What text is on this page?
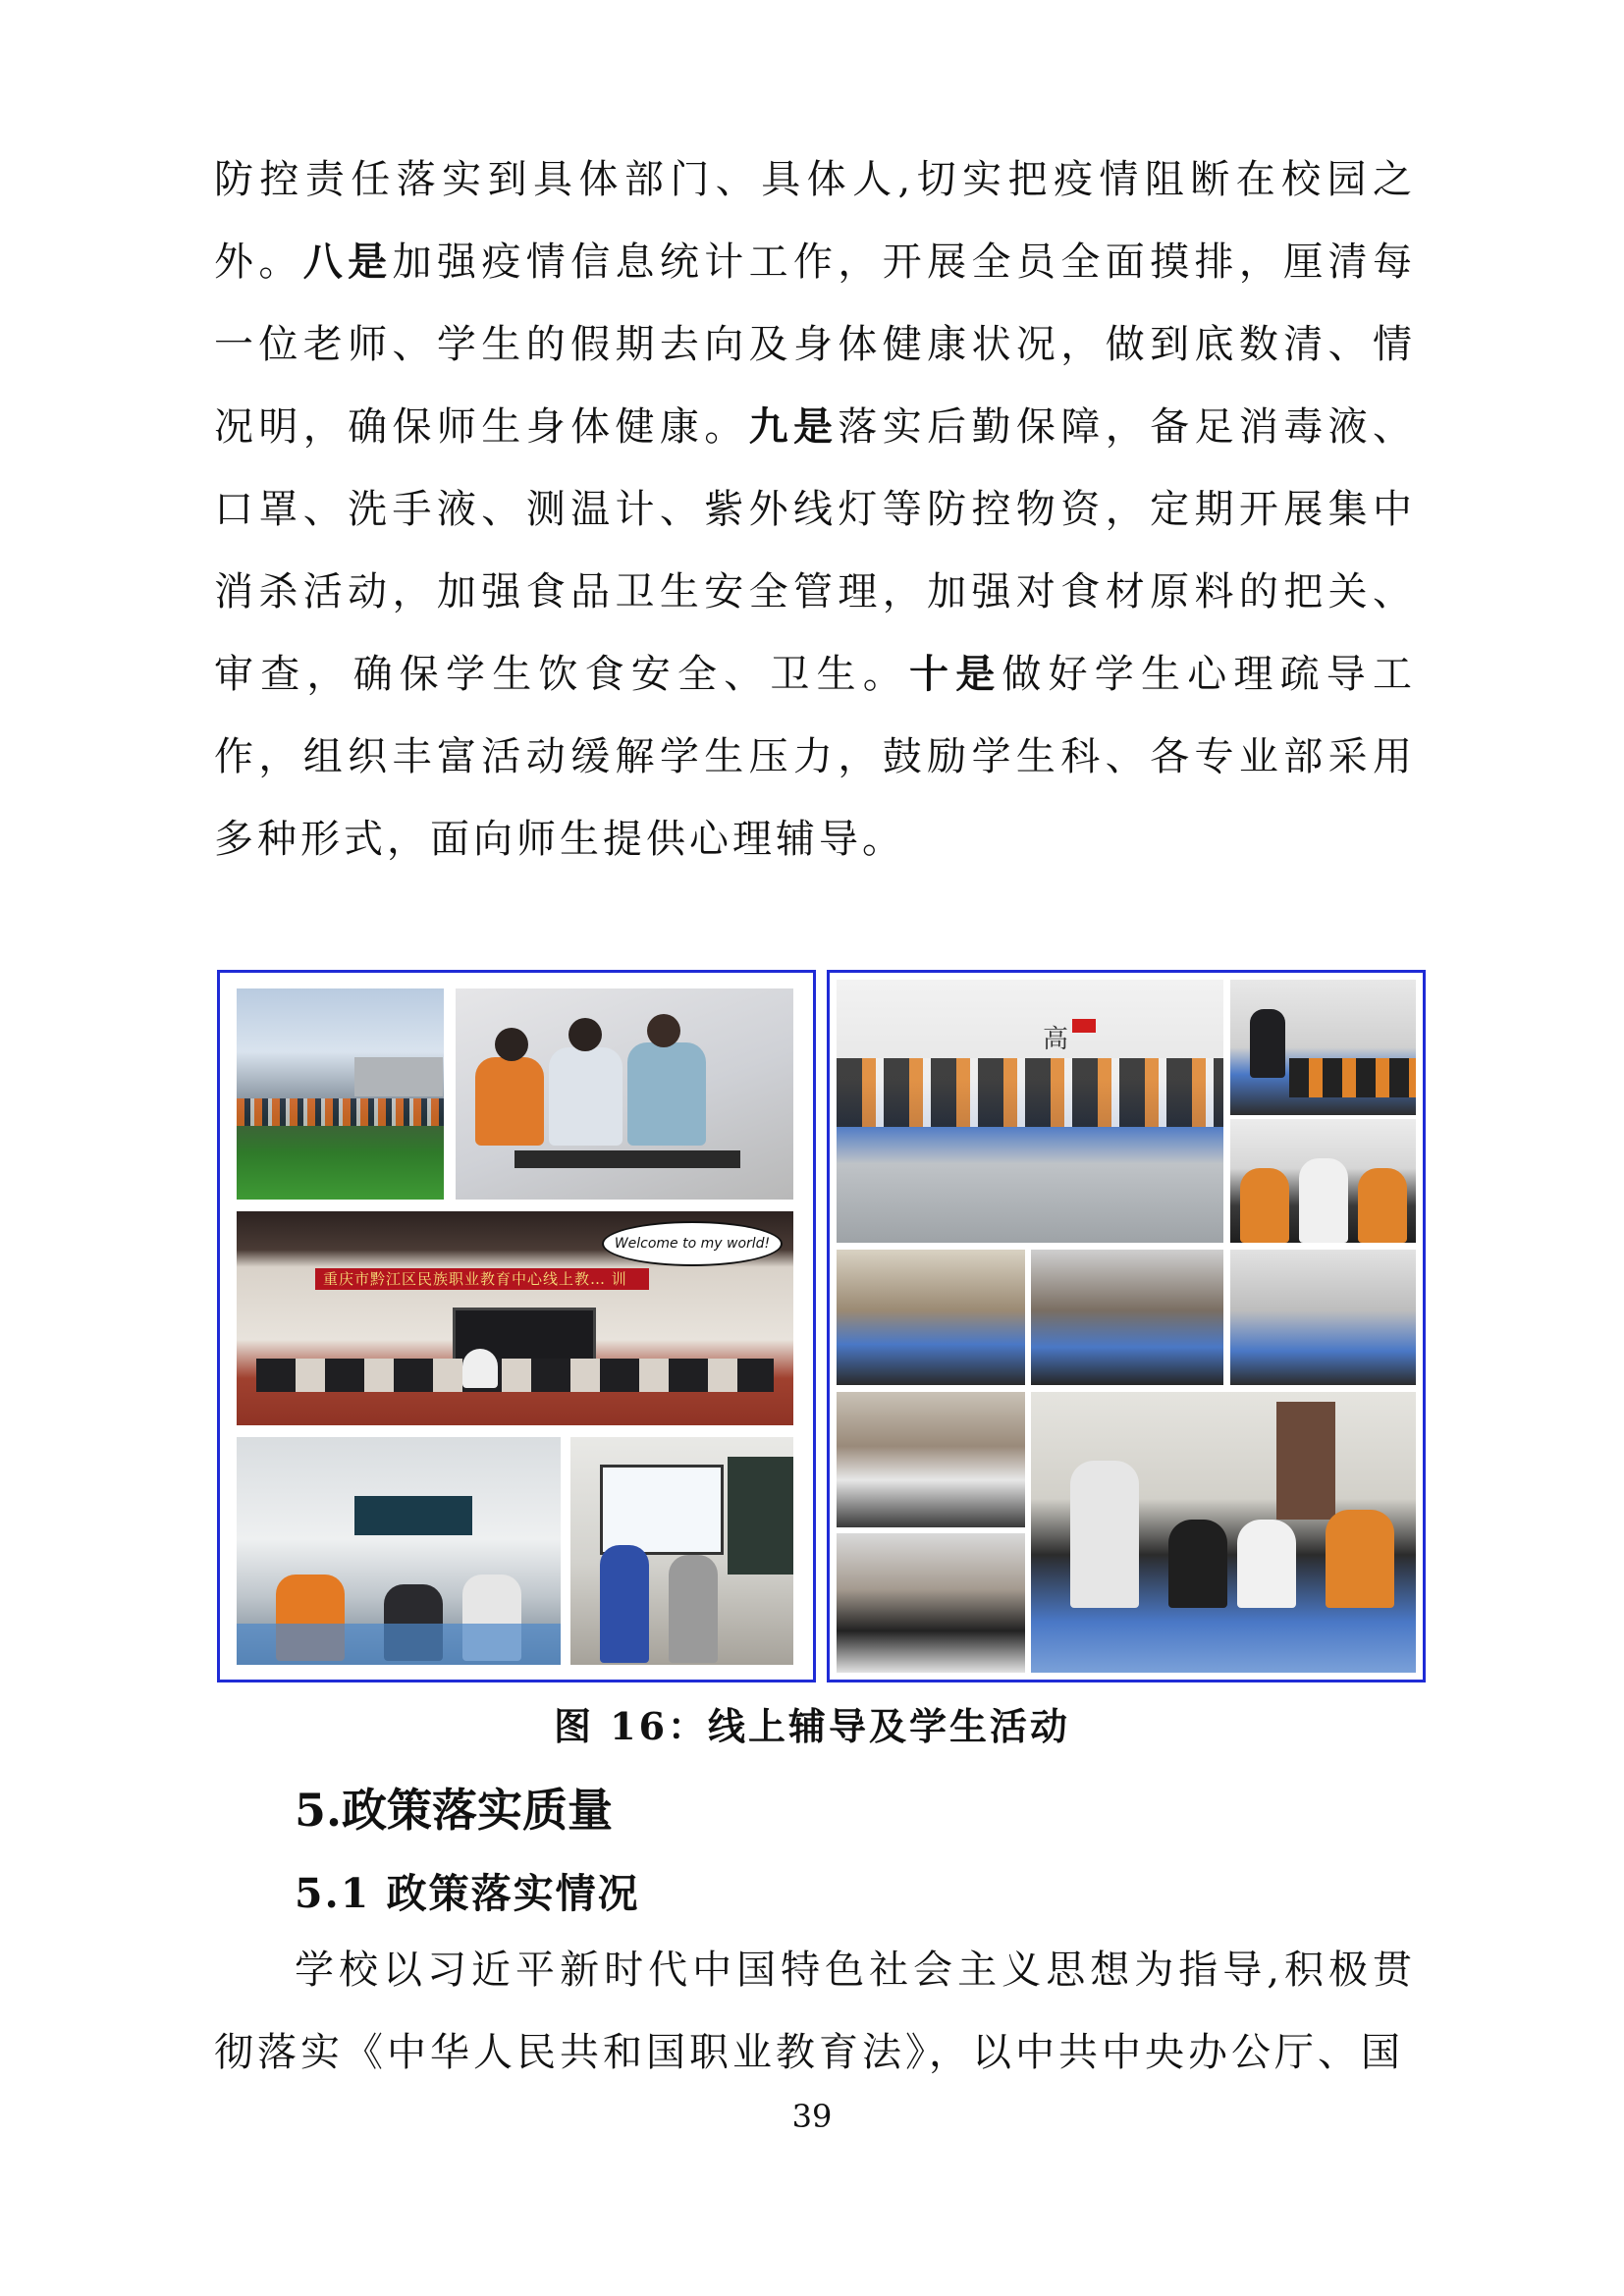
防控责任落实到具体部门、具体人,切实把疫情阻断在校园之外。八是加强疫情信息统计工作，开展全员全面摸排，厘清每一位老师、学生的假期去向及身体健康状况，做到底数清、情况明，确保师生身体健康。九是落实后勤保障，备足消毒液、 口罩、洗手液、测温计、紫外线灯等防控物资，定期开展集中消杀活动，加强食品卫生安全管理，加强对食材原料的把关、审查，确保学生饮食安全、卫生。十是做好学生心理疏导工作，组织丰富活动缓解学生压力，鼓励学生科、各专业部采用多种形式，面向师生提供心理辅导。

重庆市黔江区民族职业教育中心线上教… 训
Welcome to my world!
高
图 16：线上辅导及学生活动
5.政策落实质量
5.1 政策落实情况

学校以习近平新时代中国特色社会主义思想为指导,积极贯彻落实《中华人民共和国职业教育法》，以中共中央办公厅、国

39
